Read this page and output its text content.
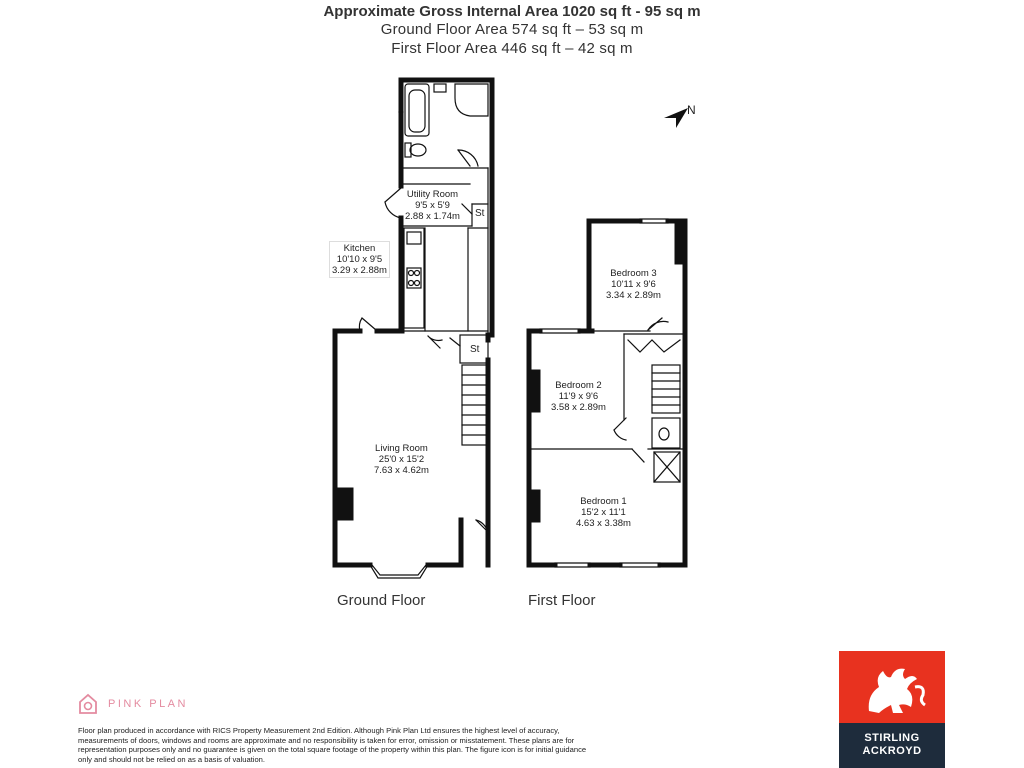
Approximate Gross Internal Area 1020 sq ft - 95 sq m
Ground Floor Area 574 sq ft – 53 sq m
First Floor Area 446 sq ft – 42 sq m
N
Utility Room
9'5 x 5'9
2.88 x 1.74m St
St
Kitchen
10'10 x 9'5
3.29 x 2.88m
Living Room
25'0 x 15'2
7.63 x 4.62m
Bedroom 3
10'11 x 9'6
3.34 x 2.89m
Bedroom 2
11'9 x 9'6
3.58 x 2.89m
Bedroom 1
15'2 x 11'1
4.63 x 3.38m
Ground Floor	First Floor
PINK PLAN
Floor plan produced in accordance with RICS Property Measurement 2nd Edition. Although Pink Plan Ltd ensures the highest level of accuracy, measurements of doors, windows and rooms are approximate and no responsibility is taken for error, omission or misstatement. These plans are for representation purposes only and no guarantee is given on the total square footage of the property within this plan. The figure icon is for initial guidance only and should not be relied on as a basis of valuation.
STIRLING
ACKROYD
